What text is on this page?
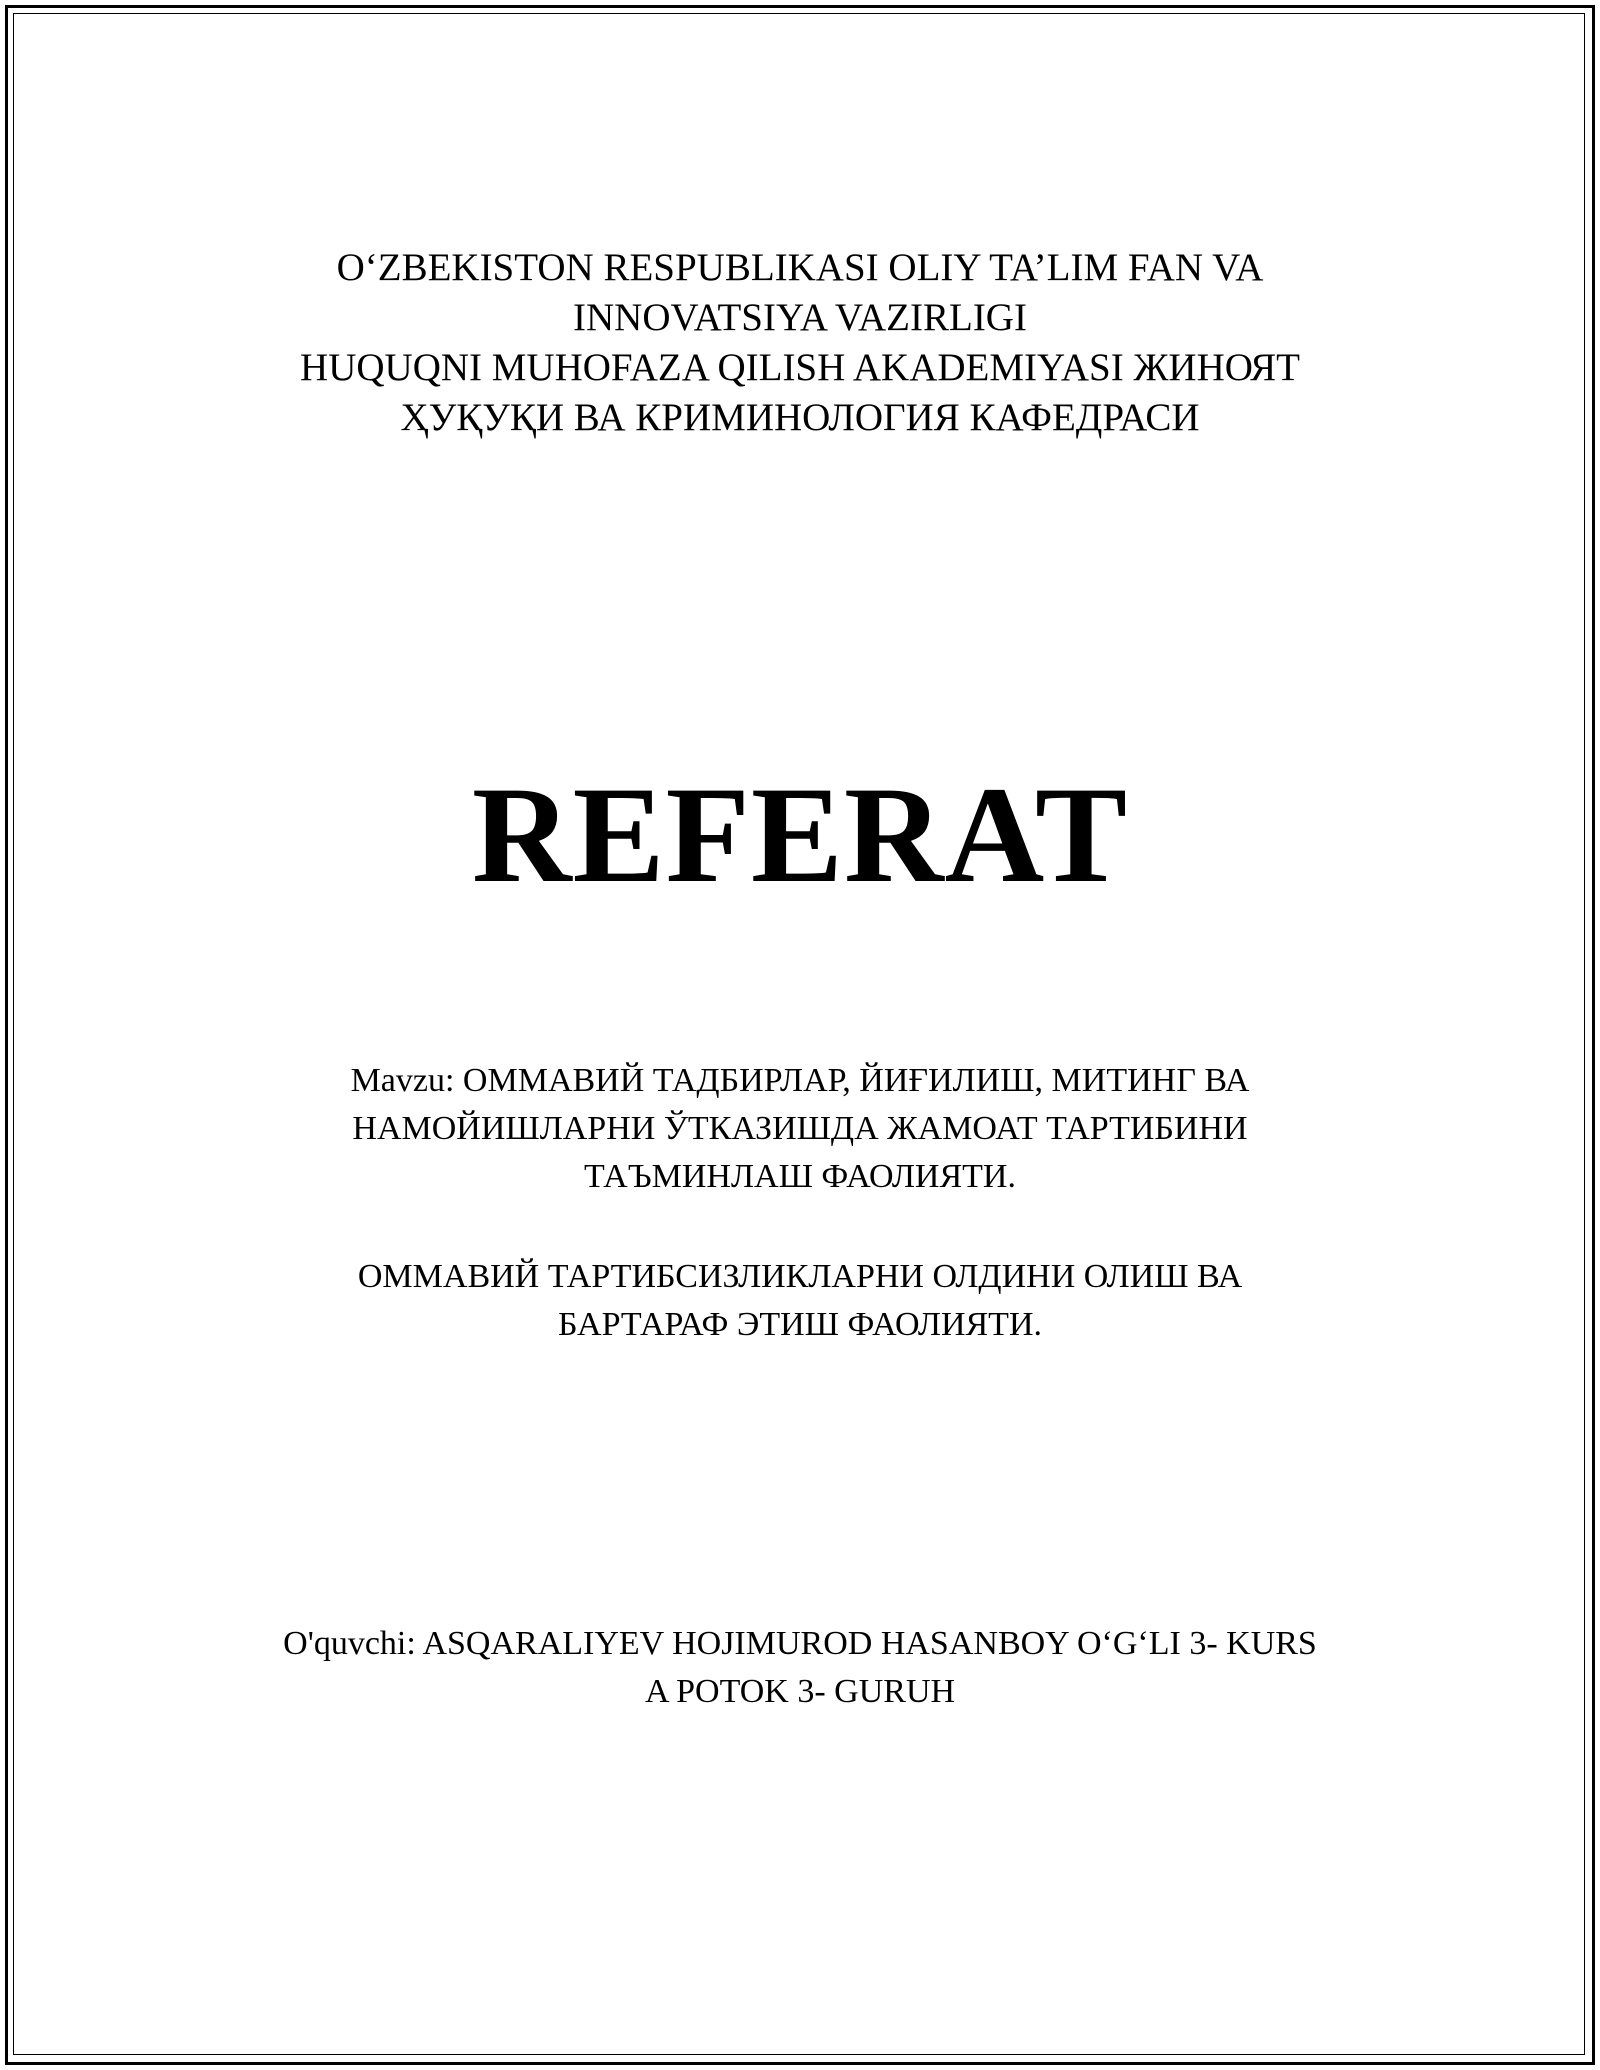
O‘ZBEKISTON RESPUBLIKASI OLIY TA’LIM FAN VA
INNOVATSIYA VAZIRLIGI
HUQUQNI MUHOFAZA QILISH AKADEMIYASI ЖИНОЯТ
ҲУҚУҚИ ВА КРИМИНОЛОГИЯ КАФЕДРАСИ
REFERAT
Mavzu: ОММАВИЙ ТАДБИРЛАР, ЙИҒИЛИШ, МИТИНГ ВА
НАМОЙИШЛАРНИ ЎТКАЗИШДА ЖАМОАТ ТАРТИБИНИ
ТАЪМИНЛАШ ФАОЛИЯТИ.
ОММАВИЙ ТАРТИБСИЗЛИКЛАРНИ ОЛДИНИ ОЛИШ ВА
БАРТАРАФ ЭТИШ ФАОЛИЯТИ.
O'quvchi: ASQARALIYEV HOJIMUROD HASANBOY O‘G‘LI 3- KURS
A POTOK 3- GURUH
